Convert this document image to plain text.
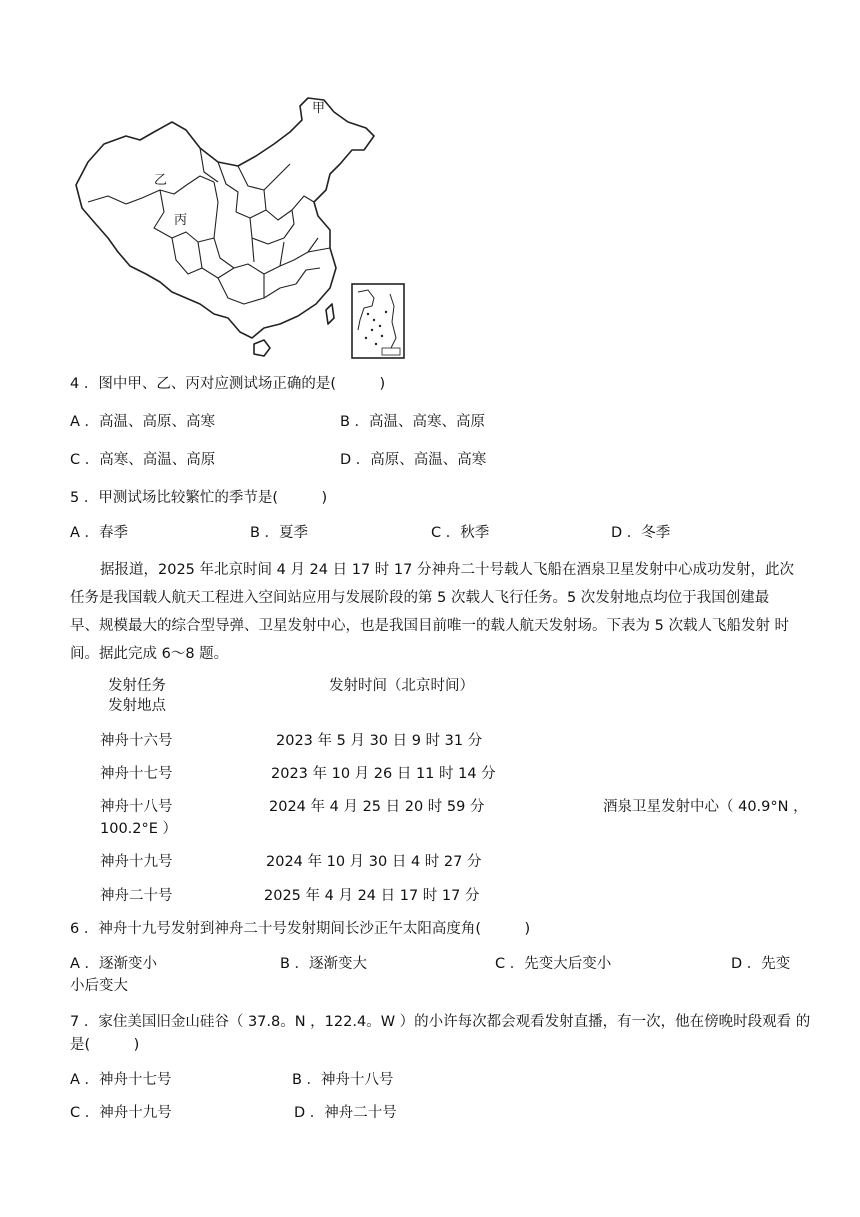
甲
乙
丙
4 ．图中甲、乙、丙对应测试场正确的是(　　　)
A ．高温、高原、高寒	B ．高温、高寒、高原
C ．高寒、高温、高原	D ．高原、高温、高寒
5 ．甲测试场比较繁忙的季节是(　　　)
A ．春季	B ．夏季	C ．秋季	D ．冬季
据报道，2025 年北京时间 4 月 24 日 17 时 17 分神舟二十号载人飞船在酒泉卫星发射中心成功发射，此次 任务是我国载人航天工程进入空间站应用与发展阶段的第 5 次载人飞行任务。5 次发射地点均位于我国创建最 早、规模最大的综合型导弹、卫星发射中心，也是我国目前唯一的载人航天发射场。下表为 5 次载人飞船发射 时间。据此完成 6～8 题。
发射任务	发射时间（北京时间）
发射地点
神舟十六号	2023 年 5 月 30 日 9 时 31 分
神舟十七号	2023 年 10 月 26 日 11 时 14 分
神舟十八号	2024 年 4 月 25 日 20 时 59 分	酒泉卫星发射中心（ 40.9°N ，
100.2°E ）
神舟十九号	2024 年 10 月 30 日 4 时 27 分
神舟二十号	2025 年 4 月 24 日 17 时 17 分
6 ．神舟十九号发射到神舟二十号发射期间长沙正午太阳高度角(　　　)
A ．逐渐变小	B ．逐渐变大	C ．先变大后变小	D ．先变
小后变大
7 ．家住美国旧金山硅谷（ 37.8。N ，122.4。W ）的小许每次都会观看发射直播，有一次，他在傍晚时段观看 的
是(　　　)
A ．神舟十七号	B ．神舟十八号
C ．神舟十九号	D ．神舟二十号
